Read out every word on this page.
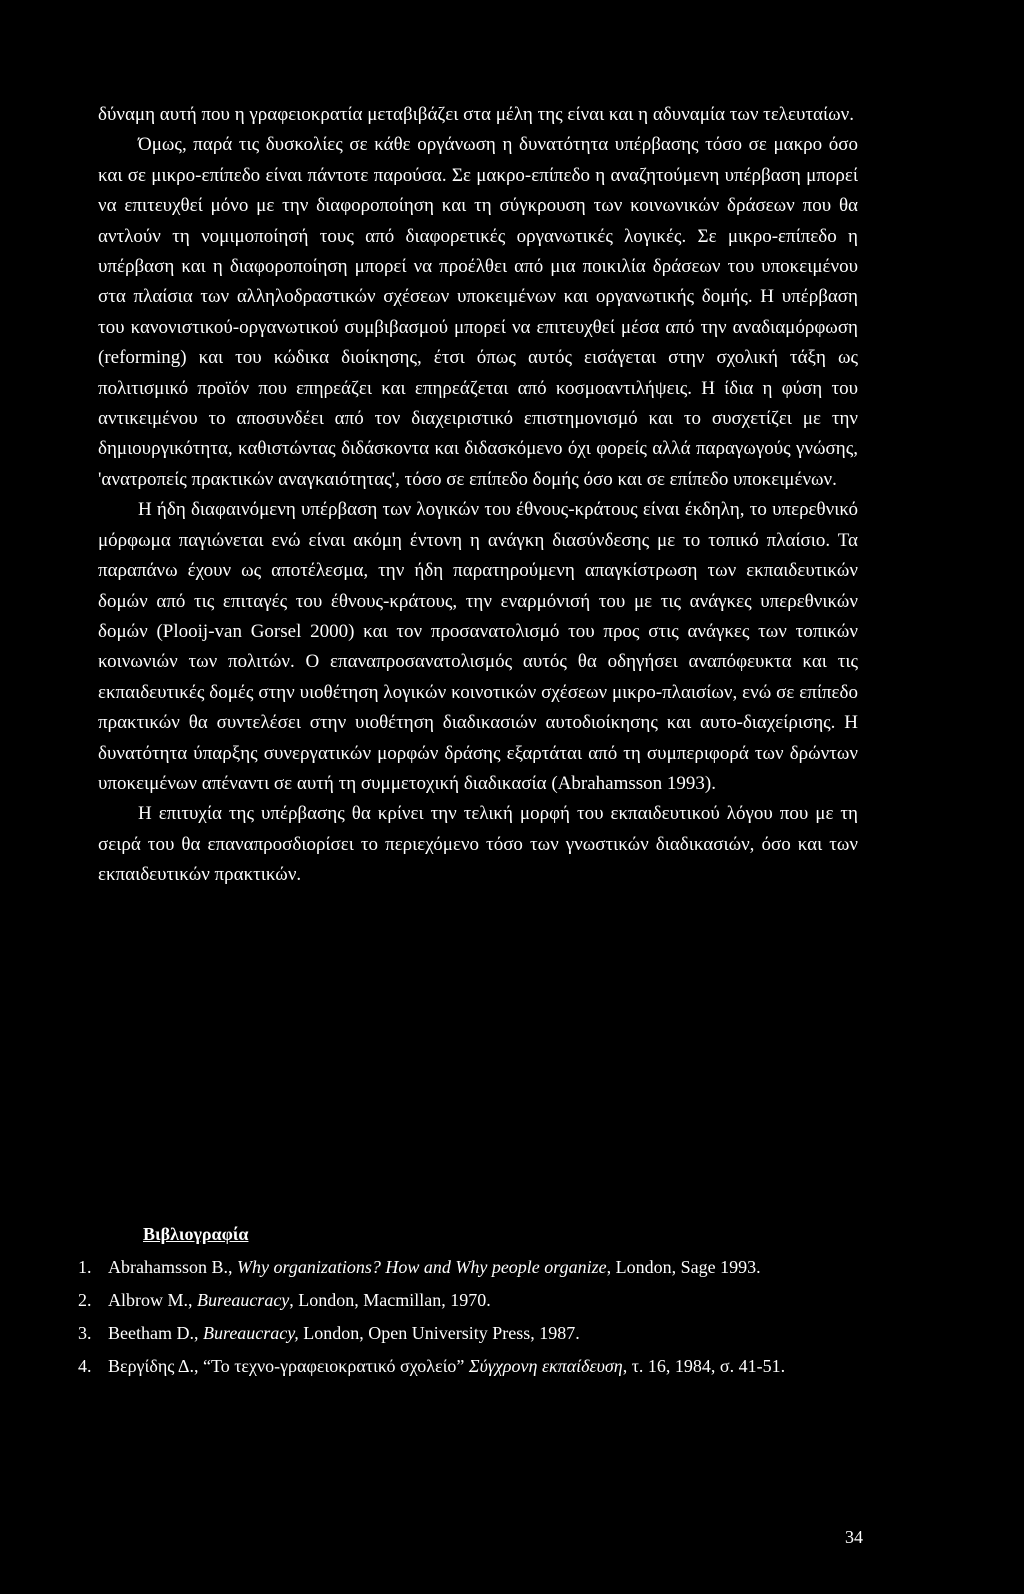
δύναμη αυτή που η γραφειοκρατία μεταβιβάζει στα μέλη της είναι και η αδυναμία των τελευταίων.

Όμως, παρά τις δυσκολίες σε κάθε οργάνωση η δυνατότητα υπέρβασης τόσο σε μακρο όσο και σε μικρο-επίπεδο είναι πάντοτε παρούσα. Σε μακρο-επίπεδο η αναζητούμενη υπέρβαση μπορεί να επιτευχθεί μόνο με την διαφοροποίηση και τη σύγκρουση των κοινωνικών δράσεων που θα αντλούν τη νομιμοποίησή τους από διαφορετικές οργανωτικές λογικές. Σε μικρο-επίπεδο η υπέρβαση και η διαφοροποίηση μπορεί να προέλθει από μια ποικιλία δράσεων του υποκειμένου στα πλαίσια των αλληλοδραστικών σχέσεων υποκειμένων και οργανωτικής δομής. Η υπέρβαση του κανονιστικού-οργανωτικού συμβιβασμού μπορεί να επιτευχθεί μέσα από την αναδιαμόρφωση (reforming) και του κώδικα διοίκησης, έτσι όπως αυτός εισάγεται στην σχολική τάξη ως πολιτισμικό προϊόν που επηρεάζει και επηρεάζεται από κοσμοαντιλήψεις. Η ίδια η φύση του αντικειμένου το αποσυνδέει από τον διαχειριστικό επιστημονισμό και το συσχετίζει με την δημιουργικότητα, καθιστώντας διδάσκοντα και διδασκόμενο όχι φορείς αλλά παραγωγούς γνώσης, 'ανατροπείς πρακτικών αναγκαιότητας', τόσο σε επίπεδο δομής όσο και σε επίπεδο υποκειμένων.

Η ήδη διαφαινόμενη υπέρβαση των λογικών του έθνους-κράτους είναι έκδηλη, το υπερεθνικό μόρφωμα παγιώνεται ενώ είναι ακόμη έντονη η ανάγκη διασύνδεσης με το τοπικό πλαίσιο. Τα παραπάνω έχουν ως αποτέλεσμα, την ήδη παρατηρούμενη απαγκίστρωση των εκπαιδευτικών δομών από τις επιταγές του έθνους-κράτους, την εναρμόνισή του με τις ανάγκες υπερεθνικών δομών (Plooij-van Gorsel 2000) και τον προσανατολισμό του προς στις ανάγκες των τοπικών κοινωνιών των πολιτών. Ο επαναπροσανατολισμός αυτός θα οδηγήσει αναπόφευκτα και τις εκπαιδευτικές δομές στην υιοθέτηση λογικών κοινοτικών σχέσεων μικρο-πλαισίων, ενώ σε επίπεδο πρακτικών θα συντελέσει στην υιοθέτηση διαδικασιών αυτοδιοίκησης και αυτο-διαχείρισης. Η δυνατότητα ύπαρξης συνεργατικών μορφών δράσης εξαρτάται από τη συμπεριφορά των δρώντων υποκειμένων απέναντι σε αυτή τη συμμετοχική διαδικασία (Abrahamsson 1993).

Η επιτυχία της υπέρβασης θα κρίνει την τελική μορφή του εκπαιδευτικού λόγου που με τη σειρά του θα επαναπροσδιορίσει το περιεχόμενο τόσο των γνωστικών διαδικασιών, όσο και των εκπαιδευτικών πρακτικών.

Βιβλιογραφία
1. Abrahamsson B., Why organizations? How and Why people organize, London, Sage 1993.
2. Albrow M., Bureaucracy, London, Macmillan, 1970.
3. Beetham D., Bureaucracy, London, Open University Press, 1987.
4. Βεργίδης Δ., “Το τεχνο-γραφειοκρατικό σχολείο” Σύγχρονη εκπαίδευση, τ. 16, 1984, σ. 41-51.
34
